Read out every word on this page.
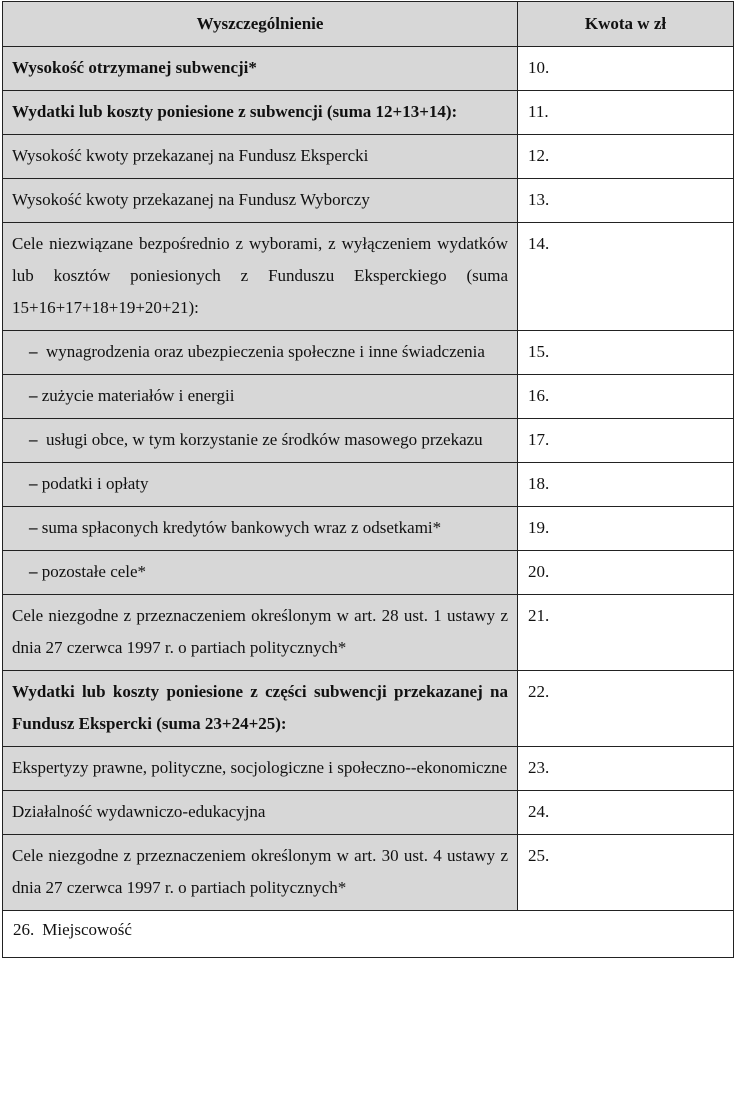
Wyszczególnienie	Kwota w zł
Wysokość otrzymanej subwencji*	10.
Wydatki lub koszty poniesione z subwencji (suma 12+13+14):	11.
Wysokość kwoty przekazanej na Fundusz Ekspercki	12.
Wysokość kwoty przekazanej na Fundusz Wyborczy	13.
Cele niezwiązane bezpośrednio z wyborami, z wyłączeniem wydatków lub kosztów poniesionych z Funduszu Eksperckiego (suma 15+16+17+18+19+20+21):	14.

– wynagrodzenia oraz ubezpieczenia społeczne i inne świadczenia	15.
– zużycie materiałów i energii	16.

– usługi obce, w tym korzystanie ze środków masowego przekazu	17.
– podatki i opłaty	18.
– suma spłaconych kredytów bankowych wraz z odsetkami*	19.
– pozostałe cele*	20.
Cele niezgodne z przeznaczeniem określonym w art. 28 ust. 1 ustawy z dnia 27 czerwca 1997 r. o partiach politycznych*	21.
Wydatki lub koszty poniesione z części subwencji przekazanej na Fundusz Ekspercki (suma 23+24+25):	22.
Ekspertyzy prawne, polityczne, socjologiczne i społeczno--ekonomiczne	23.
Działalność wydawniczo-edukacyjna	24.
Cele niezgodne z przeznaczeniem określonym w art. 30 ust. 4 ustawy z dnia 27 czerwca 1997 r. o partiach politycznych*	25.
26. Miejscowość	
